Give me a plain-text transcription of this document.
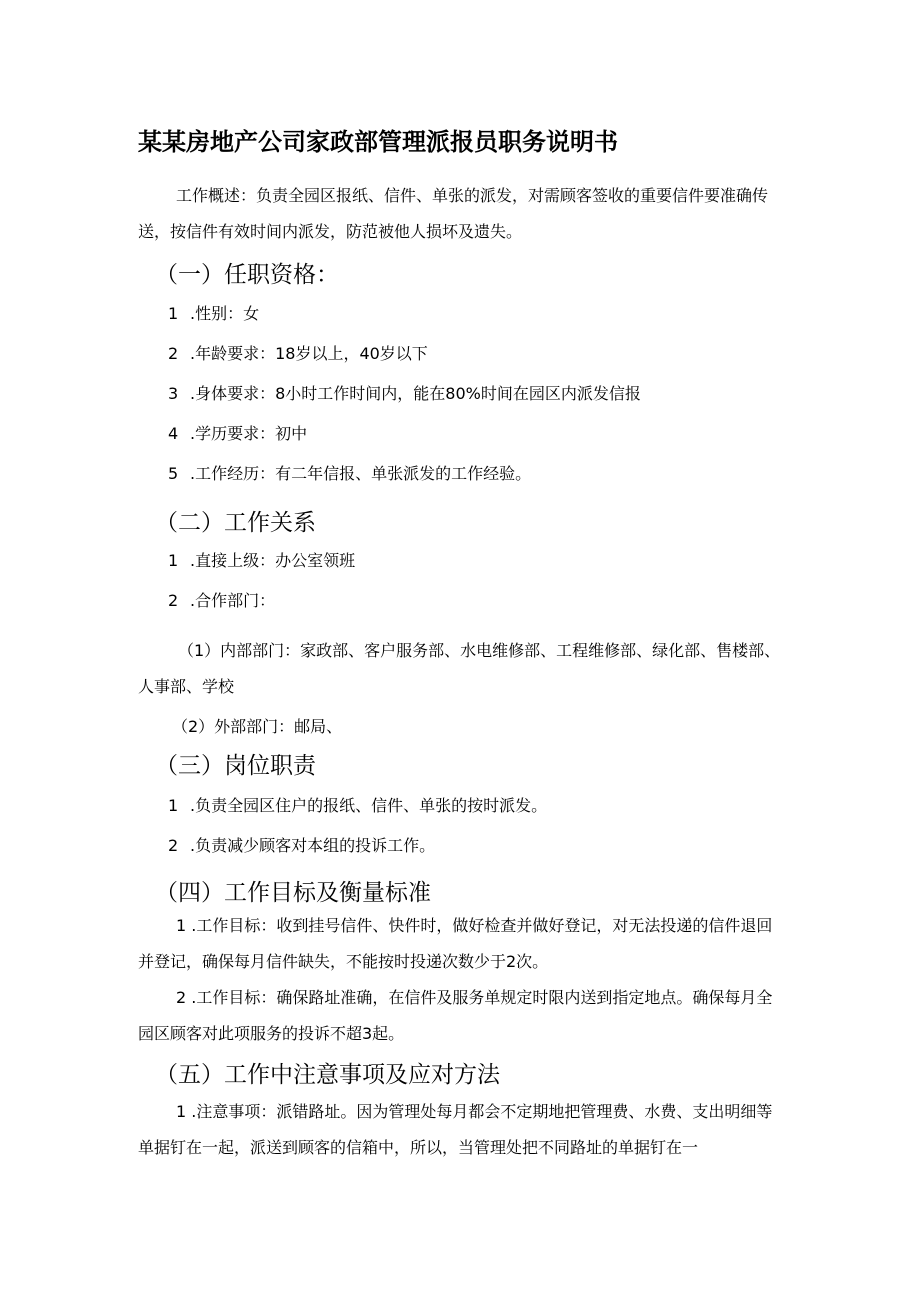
某某房地产公司家政部管理派报员职务说明书
工作概述：负责全园区报纸、信件、单张的派发，对需顾客签收的重要信件要准确传送，按信件有效时间内派发，防范被他人损坏及遗失。
（一）任职资格：
1 .性别：女
2 .年龄要求：18岁以上，40岁以下
3 .身体要求：8小时工作时间内，能在80%时间在园区内派发信报
4 .学历要求：初中
5 .工作经历：有二年信报、单张派发的工作经验。
（二）工作关系
1 .直接上级：办公室领班
2 .合作部门：
（1）内部部门：家政部、客户服务部、水电维修部、工程维修部、绿化部、售楼部、人事部、学校
（2）外部部门：邮局、
（三）岗位职责
1 .负责全园区住户的报纸、信件、单张的按时派发。
2 .负责减少顾客对本组的投诉工作。
（四）工作目标及衡量标准
1 .工作目标：收到挂号信件、快件时，做好检查并做好登记，对无法投递的信件退回并登记，确保每月信件缺失，不能按时投递次数少于2次。
2 .工作目标：确保路址准确，在信件及服务单规定时限内送到指定地点。确保每月全园区顾客对此项服务的投诉不超3起。
（五）工作中注意事项及应对方法
1 .注意事项：派错路址。因为管理处每月都会不定期地把管理费、水费、支出明细等单据钉在一起，派送到顾客的信箱中，所以，当管理处把不同路址的单据钉在一
